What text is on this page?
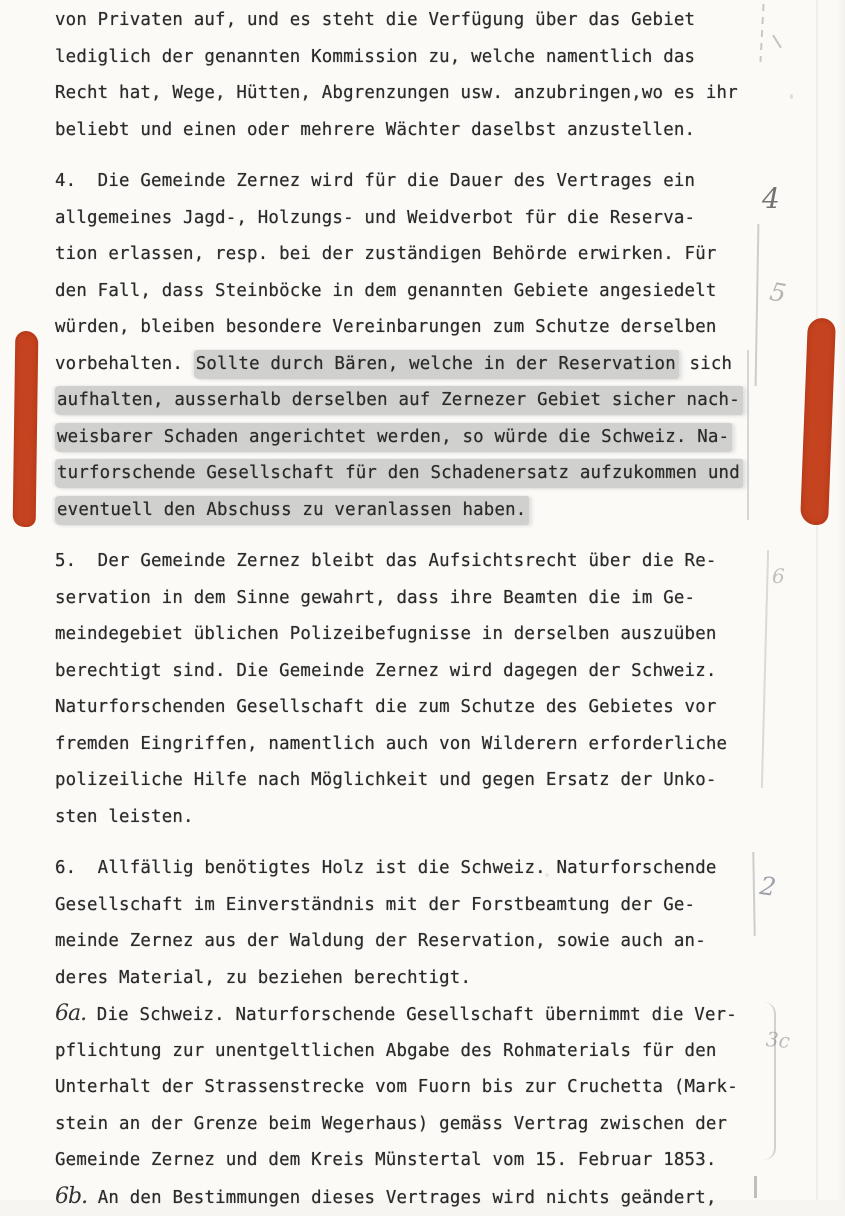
von Privaten auf, und es steht die Verfügung über das Gebiet
lediglich der genannten Kommission zu, welche namentlich das
Recht hat, Wege, Hütten, Abgrenzungen usw. anzubringen,wo es ihr
beliebt und einen oder mehrere Wächter daselbst anzustellen.
4.  Die Gemeinde Zernez wird für die Dauer des Vertrages ein
allgemeines Jagd-, Holzungs- und Weidverbot für die Reserva-
tion erlassen, resp. bei der zuständigen Behörde erwirken. Für
den Fall, dass Steinböcke in dem genannten Gebiete angesiedelt
würden, bleiben besondere Vereinbarungen zum Schutze derselben
vorbehalten. Sollte durch Bären, welche in der Reservation sich
aufhalten, ausserhalb derselben auf Zernezer Gebiet sicher nach-
weisbarer Schaden angerichtet werden, so würde die Schweiz. Na-
turforschende Gesellschaft für den Schadenersatz aufzukommen und
eventuell den Abschuss zu veranlassen haben.
5.  Der Gemeinde Zernez bleibt das Aufsichtsrecht über die Re-
servation in dem Sinne gewahrt, dass ihre Beamten die im Ge-
meindegebiet üblichen Polizeibefugnisse in derselben auszuüben
berechtigt sind. Die Gemeinde Zernez wird dagegen der Schweiz.
Naturforschenden Gesellschaft die zum Schutze des Gebietes vor
fremden Eingriffen, namentlich auch von Wilderern erforderliche
polizeiliche Hilfe nach Möglichkeit und gegen Ersatz der Unko-
sten leisten.
6.  Allfällig benötigtes Holz ist die Schweiz. Naturforschende
Gesellschaft im Einverständnis mit der Forstbeamtung der Ge-
meinde Zernez aus der Waldung der Reservation, sowie auch an-
deres Material, zu beziehen berechtigt.
6a. Die Schweiz. Naturforschende Gesellschaft übernimmt die Ver-
pflichtung zur unentgeltlichen Abgabe des Rohmaterials für den
Unterhalt der Strassenstrecke vom Fuorn bis zur Cruchetta (Mark-
stein an der Grenze beim Wegerhaus) gemäss Vertrag zwischen der
Gemeinde Zernez und dem Kreis Münstertal vom 15. Februar 1853.
6b. An den Bestimmungen dieses Vertrages wird nichts geändert,
4
5
6
2
3c
